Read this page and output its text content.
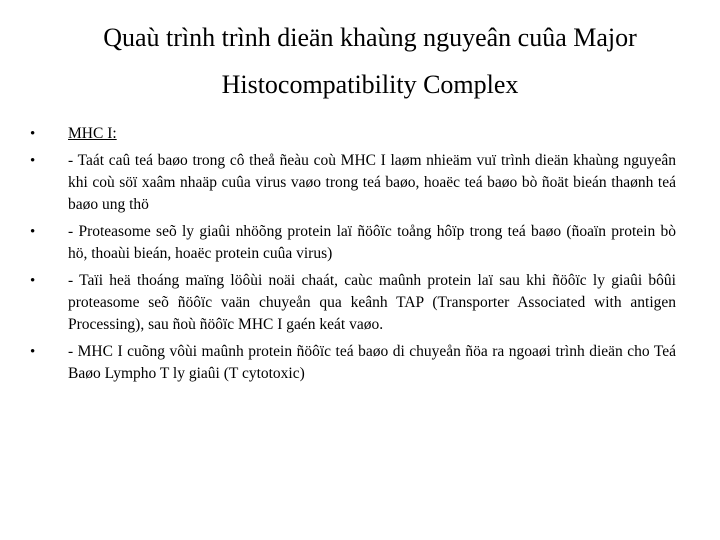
Quaù trình trình dieän khaùng nguyeân cuûa Major
Histocompatibility Complex
• MHC I:
• - Taát caû teá baøo trong cô theå ñeàu coù MHC I laøm nhieäm vuï trình dieän khaùng nguyeân khi coù söï xaâm nhaäp cuûa virus vaøo trong teá baøo, hoaëc teá baøo bò ñoät bieán thaønh teá baøo ung thö
• - Proteasome seõ ly giaûi nhöõng protein laï ñöôïc toång hôïp trong teá baøo (ñoaïn protein bò hö, thoaùi bieán, hoaëc protein cuûa virus)
• - Taïi heä thoáng maïng löôùi noäi chaát, caùc maûnh protein laï sau khi ñöôïc ly giaûi bôûi proteasome seõ ñöôïc vaän chuyeån qua keânh TAP (Transporter Associated with antigen Processing), sau ñoù ñöôïc MHC I gaén keát vaøo.
• - MHC I cuõng vôùi maûnh protein ñöôïc teá baøo di chuyeån ñöa ra ngoaøi trình dieän cho Teá Baøo Lympho T ly giaûi (T cytotoxic)
